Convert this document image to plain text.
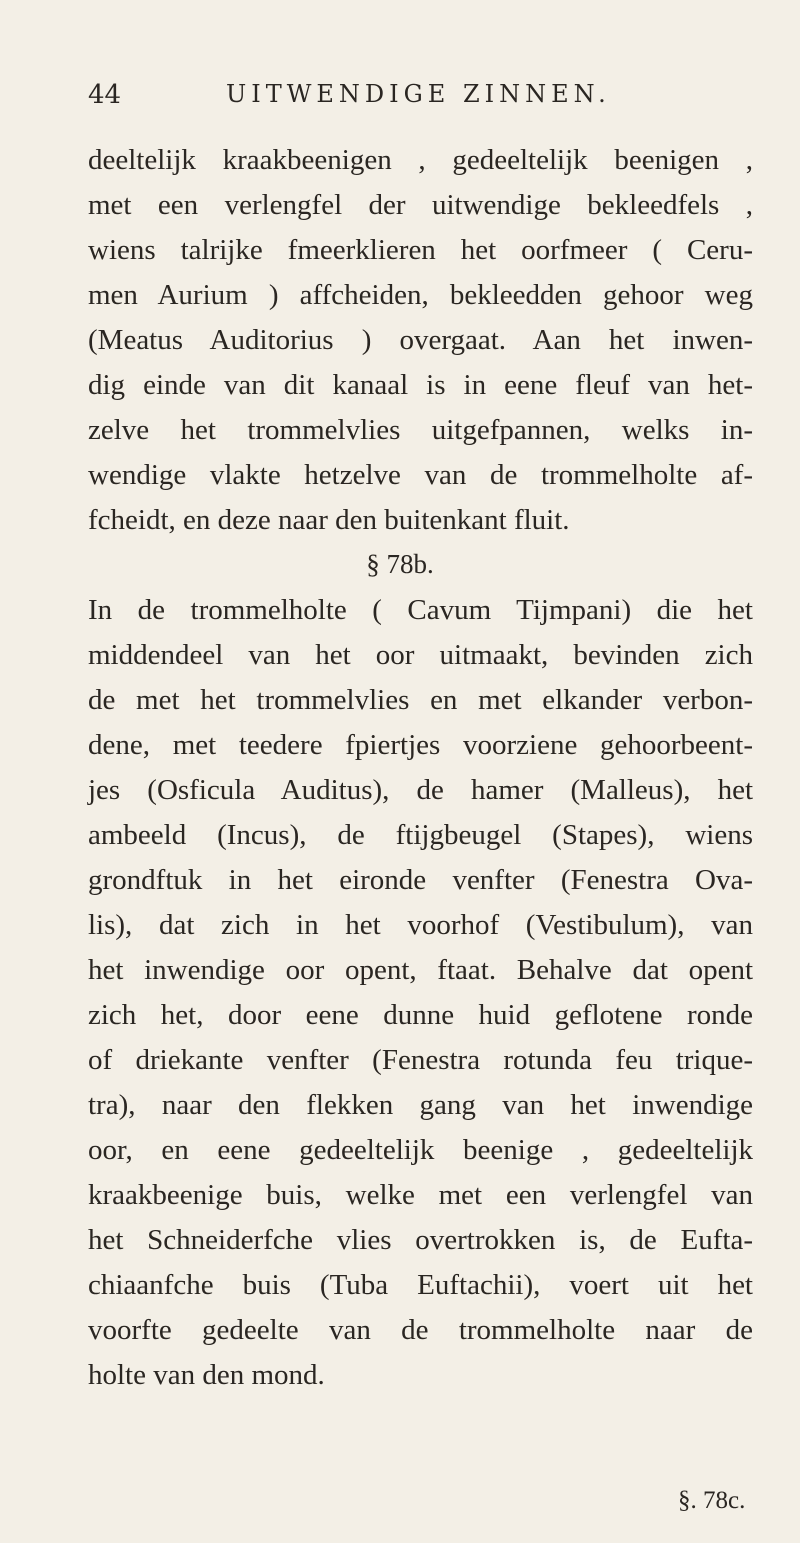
44	UITWENDIGE ZINNEN.
deeltelijk kraakbeenigen , gedeeltelijk beenigen ,
met een verlengfel der uitwendige bekleedfels ,
wiens talrijke fmeerklieren het oorfmeer ( Ceru-
men Aurium ) affcheiden, bekleedden gehoor weg
(Meatus Auditorius ) overgaat. Aan het inwen-
dig einde van dit kanaal is in eene fleuf van het-
zelve het trommelvlies uitgefpannen, welks in-
wendige vlakte hetzelve van de trommelholte af-
fcheidt, en deze naar den buitenkant fluit.
§ 78b.
In de trommelholte ( Cavum Tijmpani) die het
middendeel van het oor uitmaakt, bevinden zich
de met het trommelvlies en met elkander verbon-
dene, met teedere fpiertjes voorziene gehoorbeent-
jes (Osficula Auditus), de hamer (Malleus), het
ambeeld (Incus), de ftijgbeugel (Stapes), wiens
grondftuk in het eironde venfter (Fenestra Ova-
lis), dat zich in het voorhof (Vestibulum), van
het inwendige oor opent, ftaat. Behalve dat opent
zich het, door eene dunne huid geflotene ronde
of driekante venfter (Fenestra rotunda feu trique-
tra), naar den flekken gang van het inwendige
oor, en eene gedeeltelijk beenige , gedeeltelijk
kraakbeenige buis, welke met een verlengfel van
het Schneiderfche vlies overtrokken is, de Eufta-
chiaanfche buis (Tuba Euftachii), voert uit het
voorfte gedeelte van de trommelholte naar de
holte van den mond.
§. 78c.
